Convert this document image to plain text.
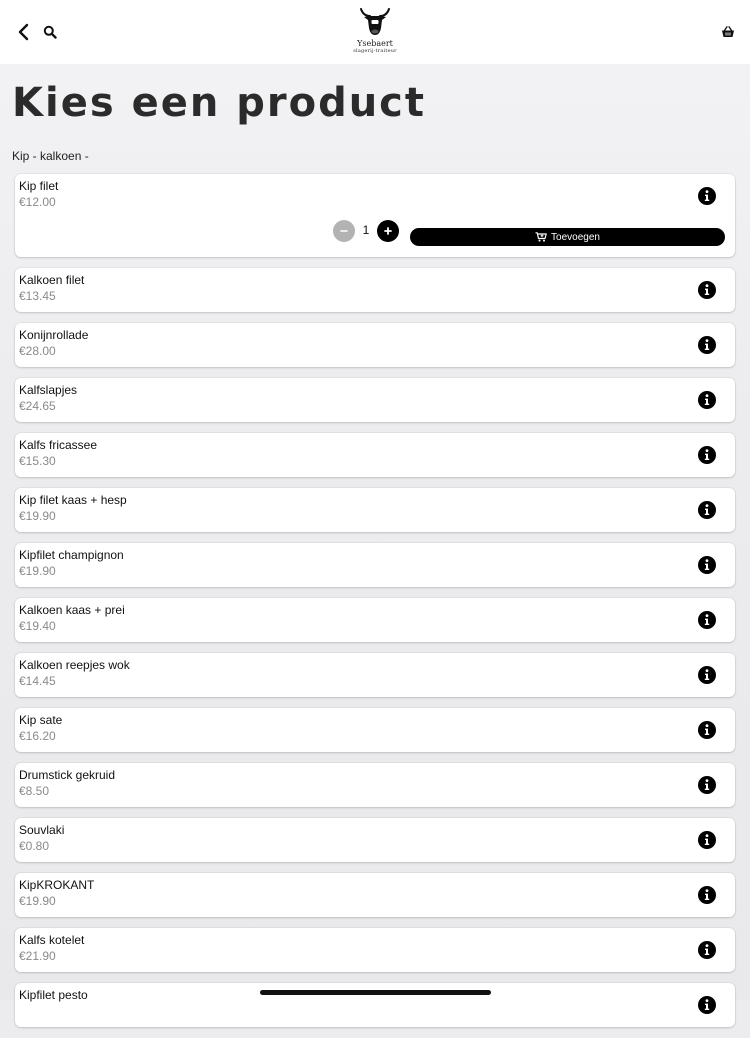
Ysebaert
slagerij-traiteur
Kies een product
Kip - kalkoen -
Kip filet
€12.00
1	Toevoegen
Kalkoen filet
€13.45
Konijnrollade
€28.00
Kalfslapjes
€24.65
Kalfs fricassee
€15.30
Kip filet kaas + hesp
€19.90
Kipfilet champignon
€19.90
Kalkoen kaas + prei
€19.40
Kalkoen reepjes wok
€14.45
Kip sate
€16.20
Drumstick gekruid
€8.50
Souvlaki
€0.80
KipKROKANT
€19.90
Kalfs kotelet
€21.90
Kipfilet pesto
